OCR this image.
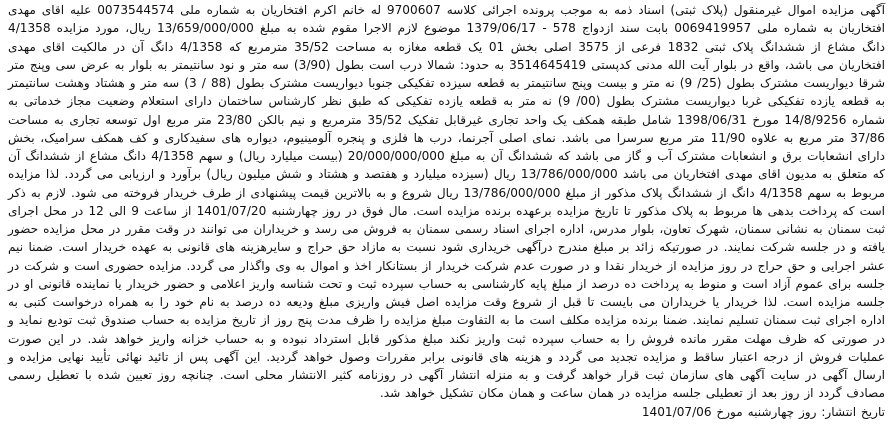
آگهی مزایده اموال غیرمنقول (پلاک ثبتی) اسناد ذمه به موجب پرونده اجرائی کلاسه 9700607 له خانم اکرم افتخاریان به شماره ملی 0073544574 علیه اقای مهدی افتخاریان به شماره ملی 0069419957 بابت سند ازدواج 578 - 1379/06/17 موضوع لازم الاجرا مقوم شده به مبلغ 13/659/000/000 ریال، مورد مزایده 4/1358 دانگ مشاع از ششدانگ پلاک ثبتی 1832 فرعی از 3575 اصلی بخش 01 یک قطعه مغازه به مساحت 35/52 مترمربع که 4/1358 دانگ آن در مالکیت اقای مهدی افتخاریان می باشد، واقع در بلوار آیت الله مدنی کدپستی 3514645419 به حدود: شمالا درب است بطول (3/90) سه متر و نود سانتیمتر به بلوار به عرض سی وپنج متر شرقا دیواریست مشترک بطول (25/ 9) نه متر و بیست وپنج سانتیمتر به قطعه سیزده تفکیکی جنوبا دیواریست مشترک بطول (88 / 3) سه متر و هشتاد وهشت سانتیمتر به قطعه یازده تفکیکی غربا دیواریست مشترک بطول (00/ 9) نه متر به قطعه یازده تفکیکی که طبق نظر کارشناس ساختمان دارای استعلام وضعیت مجاز خدماتی به شماره 14/8/9256 مورخ 1398/06/31 شامل طبقه همکف یک واحد تجاری غیرقابل تفکیک 35/52 مترمربع و نیم بالکن 23/80 متر مربع اول توسعه تجاری به مساحت 37/86 متر مربع به علاوه 11/90 متر مربع سرسرا می باشد. نمای اصلی آجرنما، درب ها فلزی و پنجره آلومینیوم، دیواره های سفیدکاری و کف همکف سرامیک، بخش دارای انشعابات برق و انشعابات مشترک آب و گاز می باشد که ششدانگ آن به مبلغ 20/000/000/000 (بیست میلیارد ریال) و سهم 4/1358 دانگ مشاع از ششدانگ آن که متعلق به مدیون اقای مهدی افتخاریان می باشد 13/786/000/000 ریال (سیزده میلیارد و هفتصد و هشتاد و شش میلیون ریال) برآورد و ارزیابی می گردد. لذا مزایده مربوط به سهم 4/1358 دانگ از ششدانگ پلاک مذکور از مبلغ 13/786/000/000 ریال شروع و به بالاترین قیمت پیشنهادی از طرف خریدار فروخته می شود. لازم به ذکر است که پرداخت بدهی ها مربوط به پلاک مذکور تا تاریخ مزایده برعهده برنده مزایده است. مال فوق در روز چهارشنبه 1401/07/20 از ساعت 9 الی 12 در محل اجرای ثبت سمنان به نشانی سمنان، شهرک تعاون، بلوار مدرس، اداره اجرای اسناد رسمی سمنان به فروش می رسد و خریداران می توانند در وقت مقرر در محل مزایده حضور یافته و در جلسه شرکت نمایند. در صورتیکه زائد بر مبلغ مندرج درآگهی خریداری شود نسبت به مازاد حق حراج و سایرهزینه های قانونی به عهده خریدار است. ضمنا نیم عشر اجرایی و حق حراج در روز مزایده از خریدار نقدا و در صورت عدم شرکت خریدار از بستانکار اخذ و اموال به وی واگذار می گردد. مزایده حضوری است و شرکت در جلسه برای عموم آزاد است و منوط به پرداخت ده درصد از مبلغ پایه کارشناسی به حساب سپرده ثبت و تحت شناسه واریز اعلامی و حضور خریدار یا نماینده قانونی او در جلسه مزایده است. لذا خریدار یا خریداران می بایست تا قبل از شروع وقت مزایده اصل فیش واریزی مبلغ ودیعه ده درصد به نام خود را به همراه درخواست کتبی به اداره اجرای ثبت سمنان تسلیم نمایند. ضمنا برنده مزایده مکلف است ما به التفاوت مبلغ مزایده را ظرف مدت پنج روز از تاریخ مزایده به حساب صندوق ثبت تودیع نماید و در صورتی که ظرف مهلت مقرر مانده فروش را به حساب سپرده ثبت واریز نکند مبلغ مذکور قابل استرداد نبوده و به حساب خزانه واریز خواهد شد. در این صورت عملیات فروش از درجه اعتبار ساقط و مزایده تجدید می گردد و هزینه های قانونی برابر مقررات وصول خواهد گردید. این آگهی پس از تائید نهائی تأیید نهایی مزایده و ارسال آگهی در سایت آگهی های سازمان ثبت قرار خواهد گرفت و به منزله انتشار آگهی در روزنامه کثیر الانتشار محلی است. چنانچه روز تعیین شده با تعطیل رسمی مصادف گردد از روز بعد از تعطیلی جلسه مزایده در همان ساعت و همان مکان تشکیل خواهد شد.

تاریخ انتشار: روز چهارشنبه مورخ 1401/07/06
